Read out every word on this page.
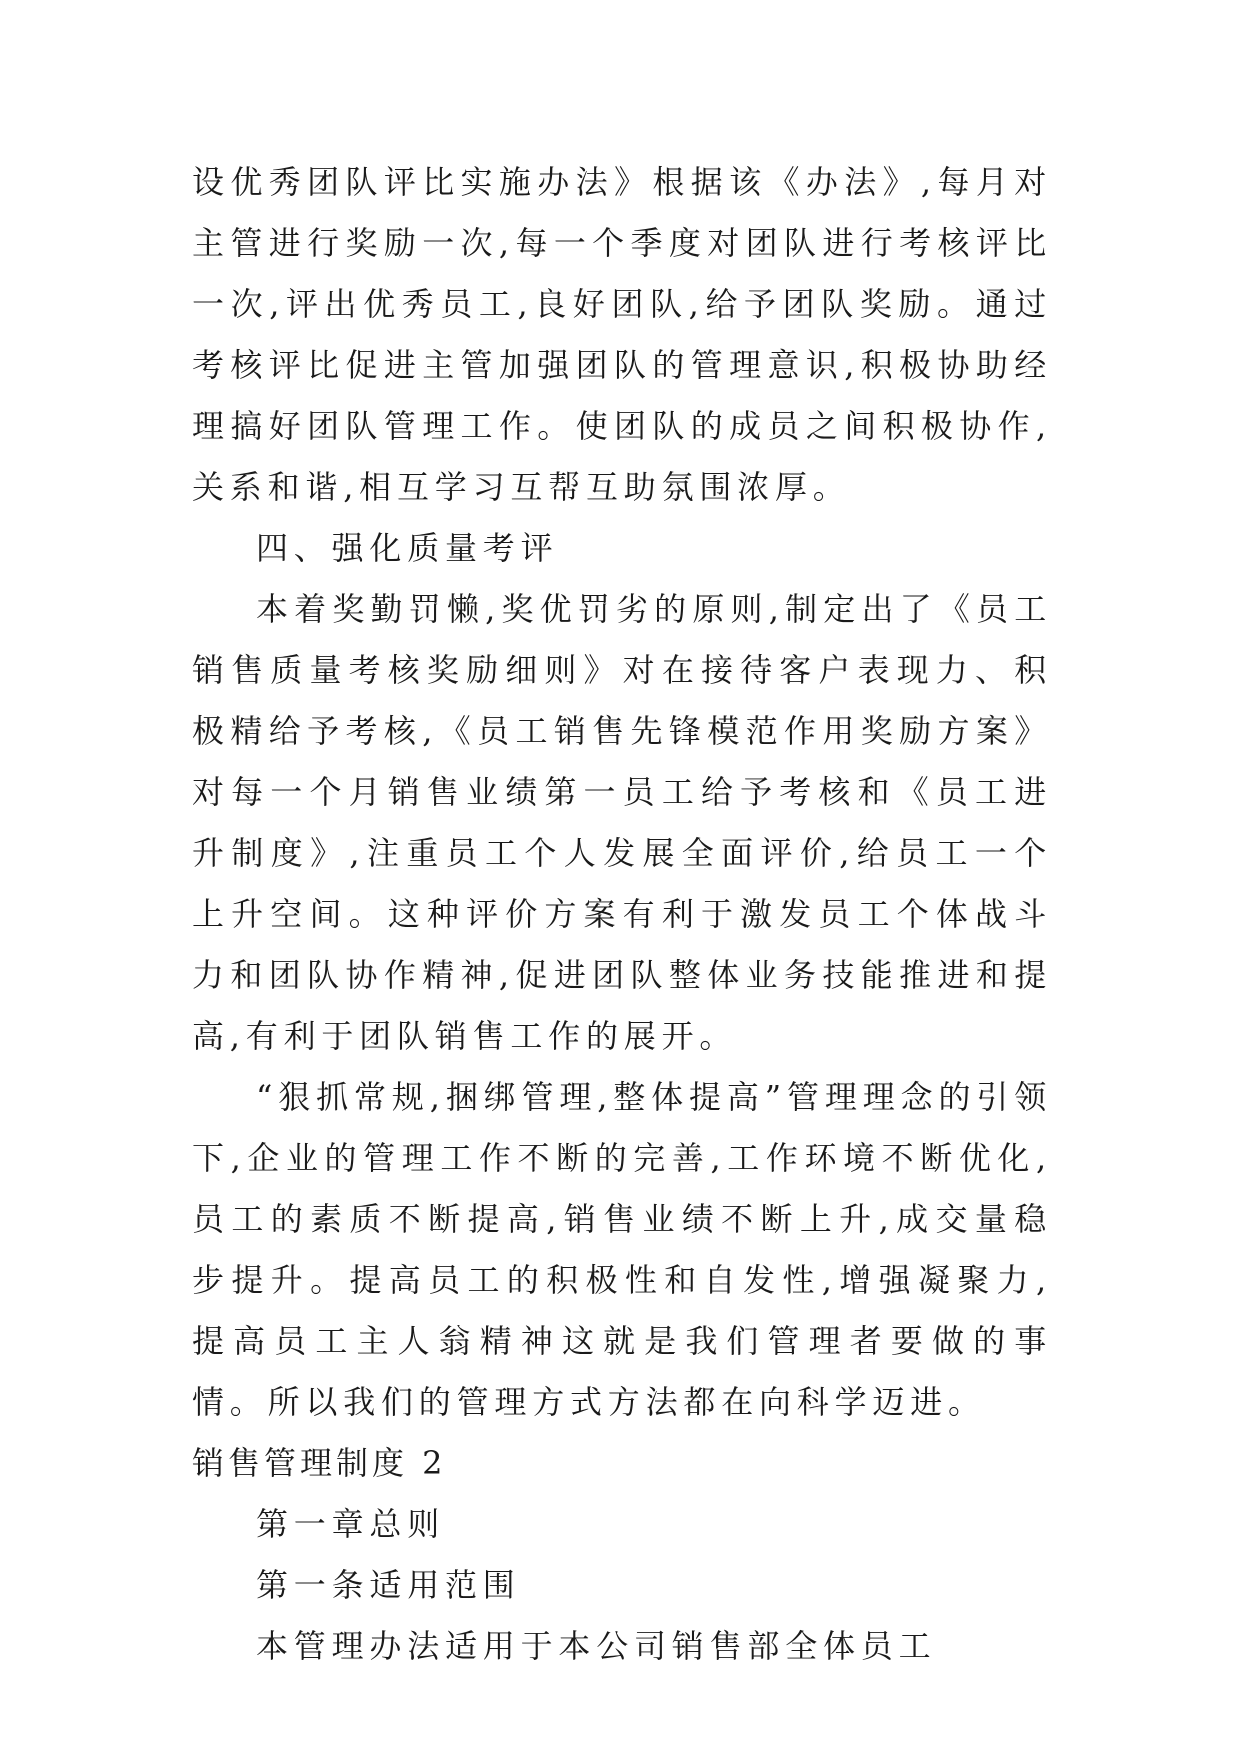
设优秀团队评比实施办法》根据该《办法》,每月对主管进行奖励一次,每一个季度对团队进行考核评比一次,评出优秀员工,良好团队,给予团队奖励。通过考核评比促进主管加强团队的管理意识,积极协助经理搞好团队管理工作。使团队的成员之间积极协作,关系和谐,相互学习互帮互助氛围浓厚。

四、强化质量考评

本着奖勤罚懒,奖优罚劣的原则,制定出了《员工销售质量考核奖励细则》对在接待客户表现力、积极精给予考核,《员工销售先锋模范作用奖励方案》对每一个月销售业绩第一员工给予考核和《员工进升制度》,注重员工个人发展全面评价,给员工一个上升空间。这种评价方案有利于激发员工个体战斗力和团队协作精神,促进团队整体业务技能推进和提高,有利于团队销售工作的展开。

“狠抓常规,捆绑管理,整体提高”管理理念的引领下,企业的管理工作不断的完善,工作环境不断优化,员工的素质不断提高,销售业绩不断上升,成交量稳步提升。提高员工的积极性和自发性,增强凝聚力,提高员工主人翁精神这就是我们管理者要做的事情。所以我们的管理方式方法都在向科学迈进。

销售管理制度 2

第一章总则

第一条适用范围

本管理办法适用于本公司销售部全体员工
